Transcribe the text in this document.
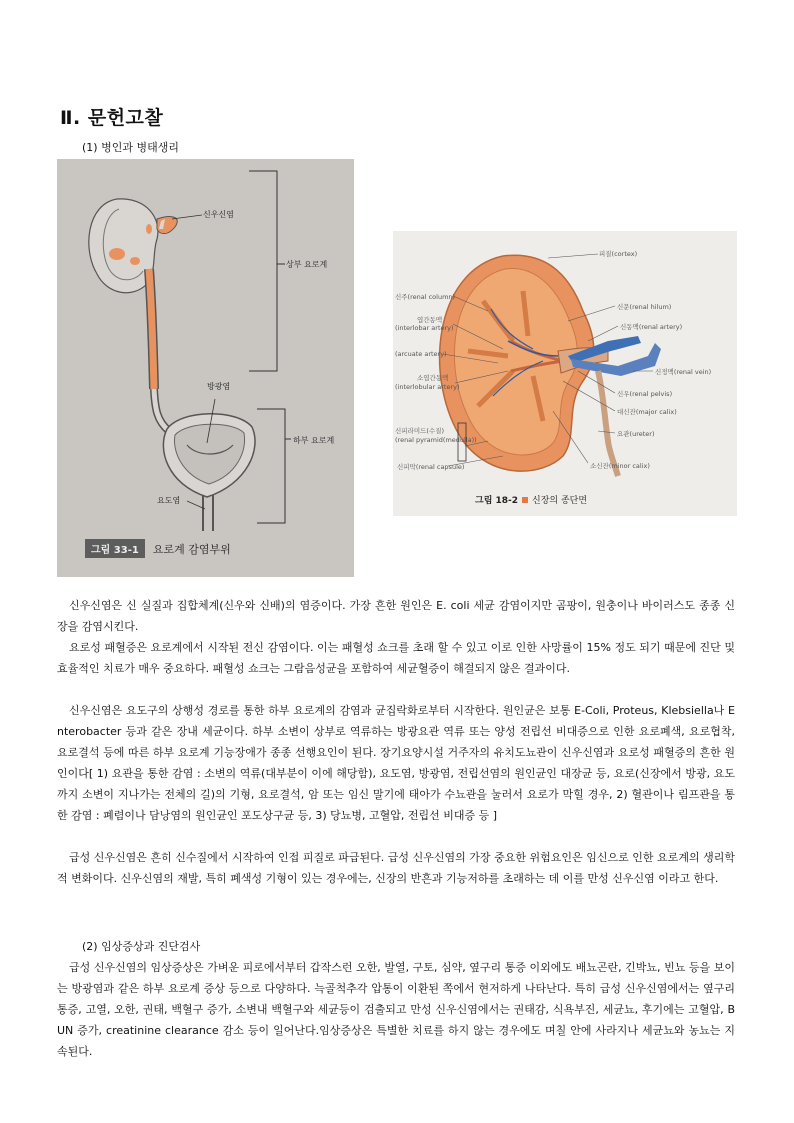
Ⅱ. 문헌고찰
(1) 병인과 병태생리
신우신염
상부 요로계
방광염
하부 요로계
요도염
그림 33-1	요로계 감염부위
피질(cortex)
신주(renal column)
엽간동맥
(interlobar artery)
(arcuate artery)
소엽간동맥
(interlobular artery)
신피라미드(수질)
(renal pyramid(medulla))
신피막(renal capsule)
신문(renal hilum)
신동맥(renal artery)
신정맥(renal vein)
신우(renal pelvis)
대신잔(major calix)
요관(ureter)
소신잔(minor calix)
그림 18-2 신장의 종단면
신우신염은 신 실질과 집합체계(신우와 신배)의 염증이다. 가장 흔한 원인은 E. coli 세균 감염이지만 곰팡이, 원충이나 바이러스도 종종 신장을 감염시킨다.
요로성 패혈증은 요로계에서 시작된 전신 감염이다. 이는 패혈성 쇼크를 초래 할 수 있고 이로 인한 사망률이 15% 정도 되기 때문에 진단 및 효율적인 치료가 매우 중요하다. 패혈성 쇼크는 그람음성균을 포함하여 세균혈증이 해결되지 않은 결과이다.
신우신염은 요도구의 상행성 경로를 통한 하부 요로계의 감염과 균집락화로부터 시작한다. 원인균은 보통 E-Coli, Proteus, Klebsiella나 Enterobacter 등과 같은 장내 세균이다. 하부 소변이 상부로 역류하는 방광요관 역류 또는 양성 전립선 비대증으로 인한 요로폐색, 요로협착, 요로결석 등에 따른 하부 요로계 기능장애가 종종 선행요인이 된다. 장기요양시설 거주자의 유치도뇨관이 신우신염과 요로성 패혈증의 흔한 원인이다[ 1) 요관을 통한 감염 : 소변의 역류(대부분이 이에 해당함), 요도염, 방광염, 전립선염의 원인균인 대장균 등, 요로(신장에서 방광, 요도까지 소변이 지나가는 전체의 길)의 기형, 요로결석, 암 또는 임신 말기에 태아가 수뇨관을 눌러서 요로가 막힐 경우, 2) 혈관이나 림프관을 통한 감염 : 폐렴이나 담낭염의 원인균인 포도상구균 등, 3) 당뇨병, 고혈압, 전립선 비대증 등 ]
급성 신우신염은 흔히 신수질에서 시작하여 인접 피질로 파급된다. 급성 신우신염의 가장 중요한 위험요인은 임신으로 인한 요로계의 생리학적 변화이다. 신우신염의 재발, 특히 폐색성 기형이 있는 경우에는, 신장의 반흔과 기능저하를 초래하는 데 이를 만성 신우신염 이라고 한다.
(2) 임상증상과 진단검사
급성 신우신염의 임상증상은 가벼운 피로에서부터 갑작스런 오한, 발열, 구토, 심약, 옆구리 통증 이외에도 배뇨곤란, 긴박뇨, 빈뇨 등을 보이는 방광염과 같은 하부 요로계 증상 등으로 다양하다. 늑골척추각 압통이 이환된 쪽에서 현저하게 나타난다. 특히 급성 신우신염에서는 옆구리 통증, 고열, 오한, 권태, 백혈구 증가, 소변내 백혈구와 세균등이 검출되고 만성 신우신염에서는 권태감, 식욕부진, 세균뇨, 후기에는 고혈압, BUN 증가, creatinine clearance 감소 등이 일어난다.임상증상은 특별한 치료를 하지 않는 경우에도 며칠 안에 사라지나 세균뇨와 농뇨는 지속된다.
